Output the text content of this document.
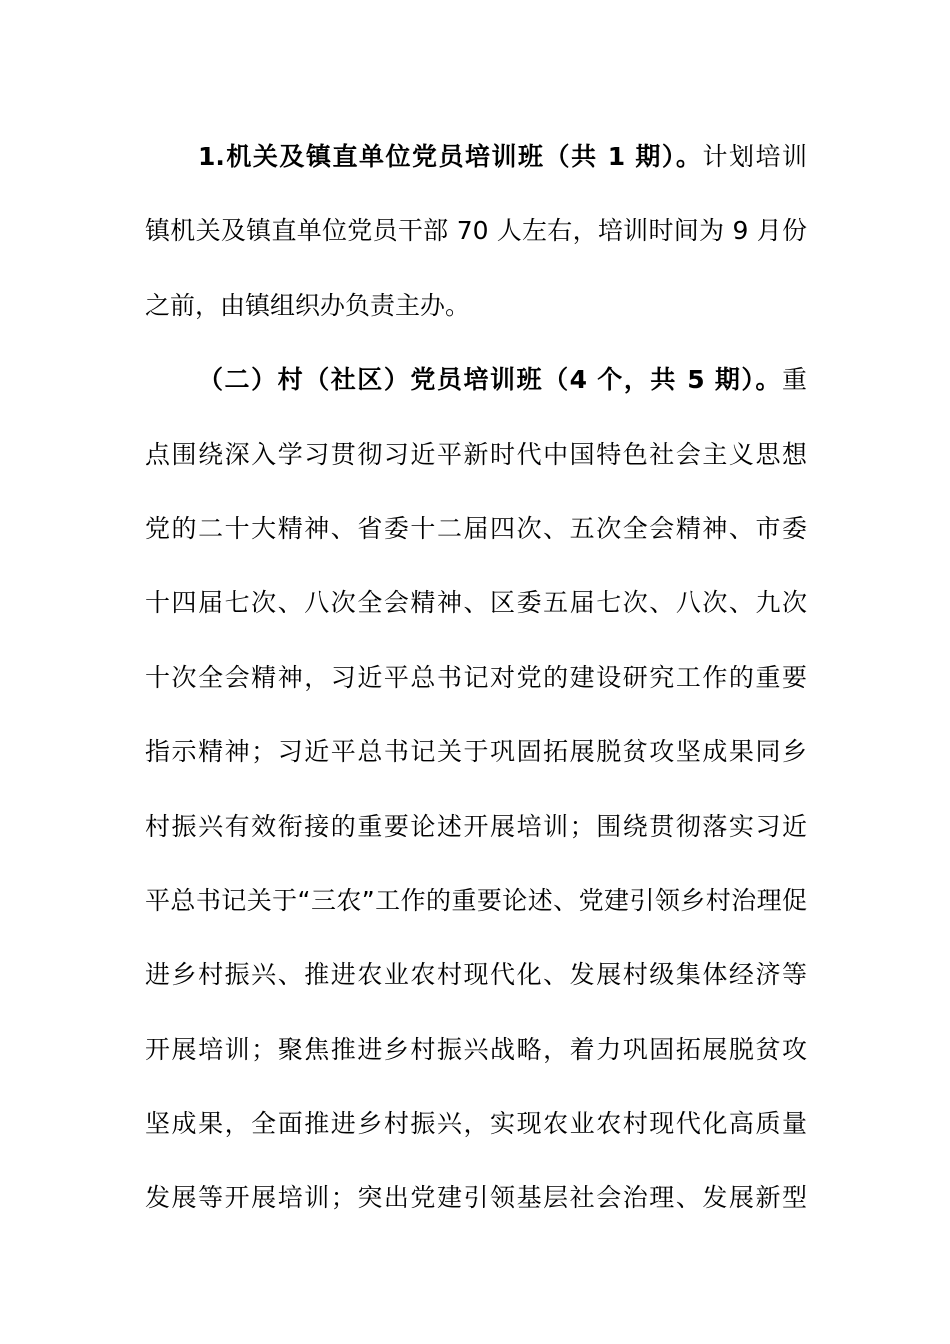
1.机关及镇直单位党员培训班（共 1 期）。计划培训
镇机关及镇直单位党员干部 70 人左右，培训时间为 9 月份
之前，由镇组织办负责主办。
（二）村（社区）党员培训班（4 个，共 5 期）。重
点围绕深入学习贯彻习近平新时代中国特色社会主义思想
党的二十大精神、省委十二届四次、五次全会精神、市委
十四届七次、八次全会精神、区委五届七次、八次、九次
十次全会精神，习近平总书记对党的建设研究工作的重要
指示精神；习近平总书记关于巩固拓展脱贫攻坚成果同乡
村振兴有效衔接的重要论述开展培训；围绕贯彻落实习近
平总书记关于“三农”工作的重要论述、党建引领乡村治理促
进乡村振兴、推进农业农村现代化、发展村级集体经济等
开展培训；聚焦推进乡村振兴战略，着力巩固拓展脱贫攻
坚成果，全面推进乡村振兴，实现农业农村现代化高质量
发展等开展培训；突出党建引领基层社会治理、发展新型
